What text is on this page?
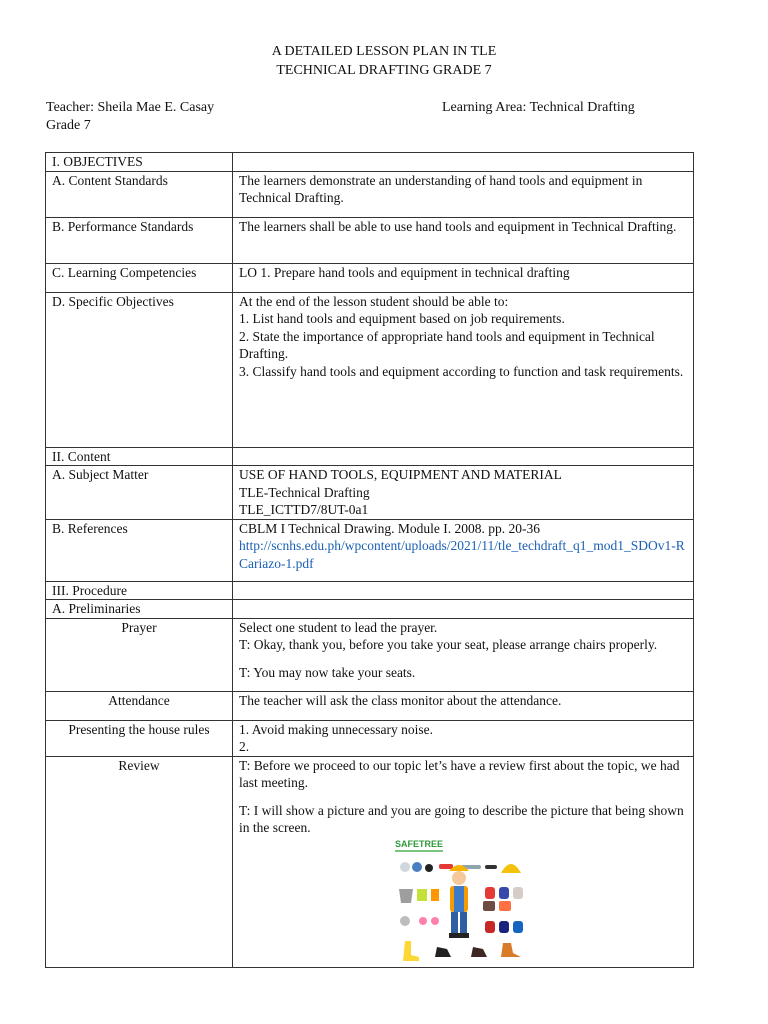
A DETAILED LESSON PLAN IN TLE
TECHNICAL DRAFTING GRADE 7
Teacher: Sheila Mae E. Casay
Grade 7
Learning Area: Technical Drafting
I. OBJECTIVES	
A. Content Standards	The learners demonstrate an understanding of hand tools and equipment in Technical Drafting.
B. Performance Standards	The learners shall be able to use hand tools and equipment in Technical Drafting.
C. Learning Competencies	LO 1. Prepare hand tools and equipment in technical drafting
D. Specific Objectives	At the end of the lesson student should be able to:
1. List hand tools and equipment based on job requirements.
2. State the importance of appropriate hand tools and equipment in Technical Drafting.
3. Classify hand tools and equipment according to function and task requirements.

II. Content	
A. Subject Matter	USE OF HAND TOOLS, EQUIPMENT AND MATERIAL
TLE-Technical Drafting
TLE_ICTTD7/8UT-0a1

B. References	CBLM I Technical Drawing. Module I. 2008. pp. 20-36
http://scnhs.edu.ph/wpcontent/uploads/2021/11/tle_techdraft_q1_mod1_SDOv1-RCariazo-1.pdf

III. Procedure	
A. Preliminaries	
Prayer	Select one student to lead the prayer.
T: Okay, thank you, before you take your seat, please arrange chairs properly.
T: You may now take your seats.

Attendance	The teacher will ask the class monitor about the attendance.
Presenting the house rules	1. Avoid making unnecessary noise.
2.

Review	T: Before we proceed to our topic let’s have a review first about the topic, we had last meeting.
T: I will show a picture and you are going to describe the picture that being shown in the screen.
SAFETREE
